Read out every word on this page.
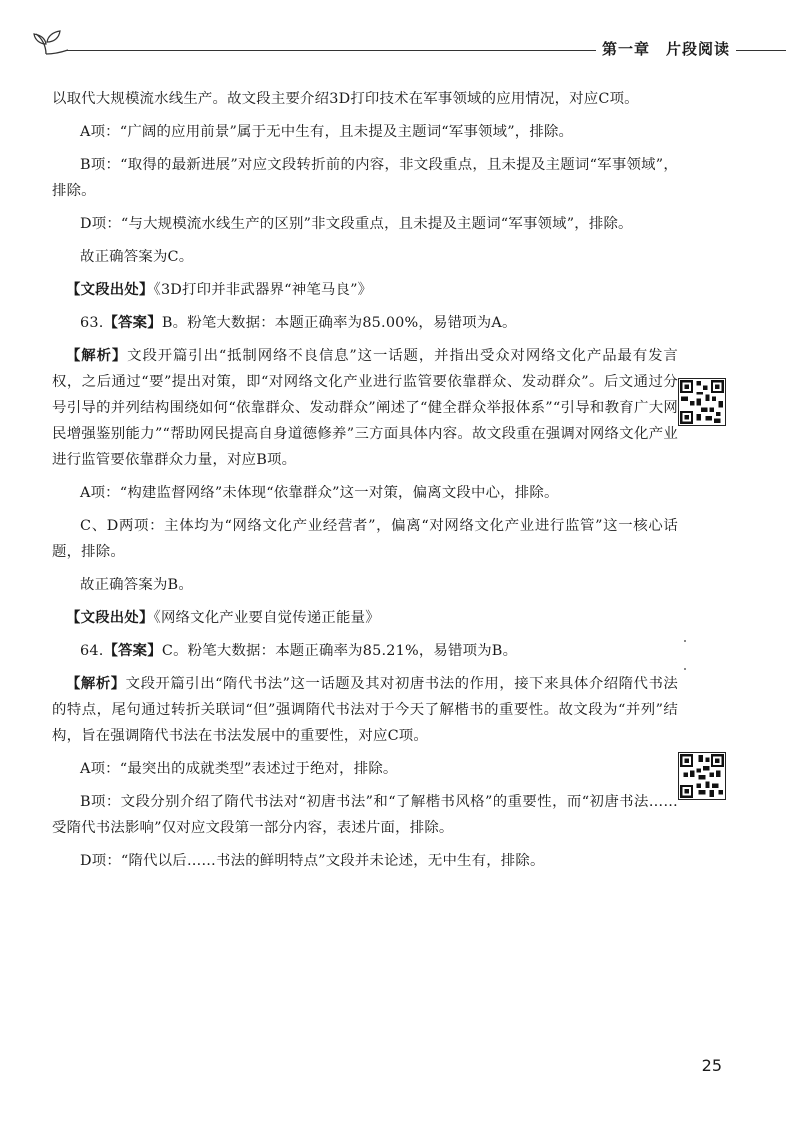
第一章　片段阅读

以取代大规模流水线生产。故文段主要介绍3D打印技术在军事领域的应用情况，对应C项。

A项：“广阔的应用前景”属于无中生有，且未提及主题词“军事领域”，排除。

B项：“取得的最新进展”对应文段转折前的内容，非文段重点，且未提及主题词“军事领域”，排除。

D项：“与大规模流水线生产的区别”非文段重点，且未提及主题词“军事领域”，排除。

故正确答案为C。

【文段出处】《3D打印并非武器界“神笔马良”》

63.【答案】B。粉笔大数据：本题正确率为85.00%，易错项为A。

【解析】文段开篇引出“抵制网络不良信息”这一话题，并指出受众对网络文化产品最有发言权，之后通过“要”提出对策，即“对网络文化产业进行监管要依靠群众、发动群众”。后文通过分号引导的并列结构围绕如何“依靠群众、发动群众”阐述了“健全群众举报体系”“引导和教育广大网民增强鉴别能力”“帮助网民提高自身道德修养”三方面具体内容。故文段重在强调对网络文化产业进行监管要依靠群众力量，对应B项。

A项：“构建监督网络”未体现“依靠群众”这一对策，偏离文段中心，排除。

C、D两项：主体均为“网络文化产业经营者”，偏离“对网络文化产业进行监管”这一核心话题，排除。

故正确答案为B。

【文段出处】《网络文化产业要自觉传递正能量》

64.【答案】C。粉笔大数据：本题正确率为85.21%，易错项为B。

【解析】文段开篇引出“隋代书法”这一话题及其对初唐书法的作用，接下来具体介绍隋代书法的特点，尾句通过转折关联词“但”强调隋代书法对于今天了解楷书的重要性。故文段为“并列”结构，旨在强调隋代书法在书法发展中的重要性，对应C项。

A项：“最突出的成就类型”表述过于绝对，排除。

B项：文段分别介绍了隋代书法对“初唐书法”和“了解楷书风格”的重要性，而“初唐书法……受隋代书法影响”仅对应文段第一部分内容，表述片面，排除。

D项：“隋代以后……书法的鲜明特点”文段并未论述，无中生有，排除。

25
